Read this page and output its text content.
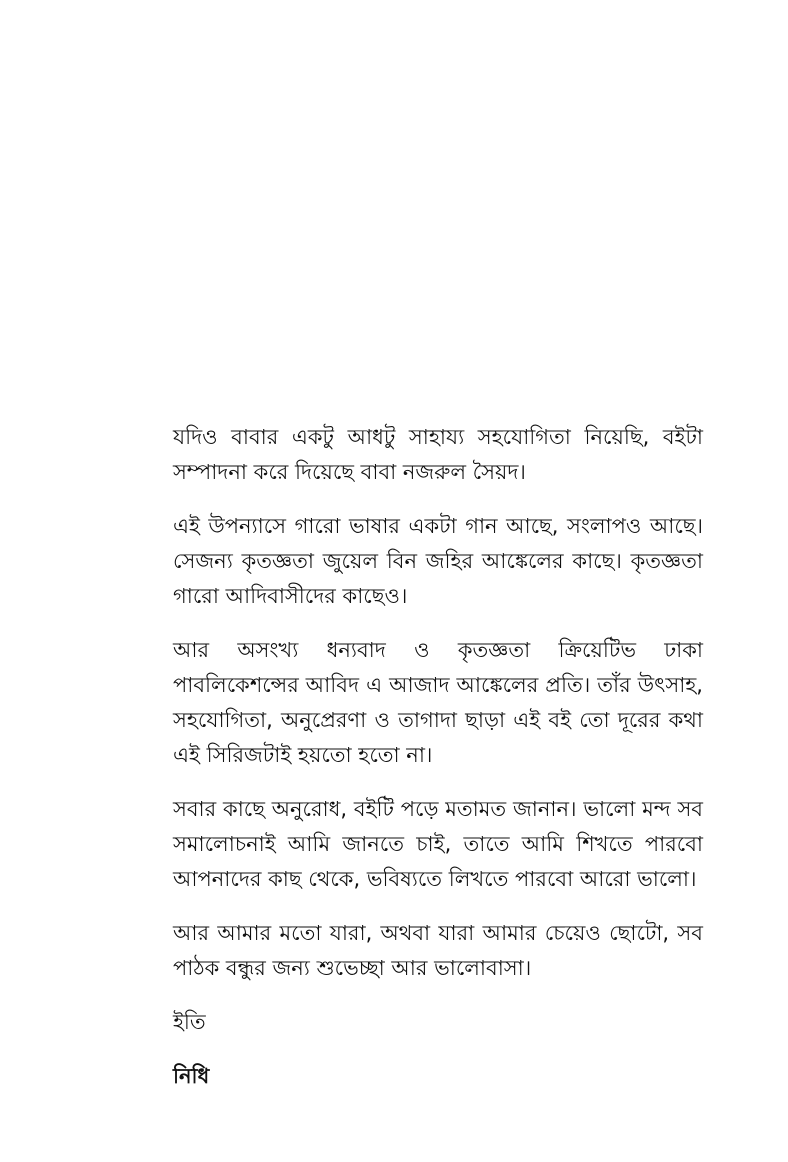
যদিও বাবার একটু আধটু সাহায্য সহযোগিতা নিয়েছি, বইটা সম্পাদনা করে দিয়েছে বাবা নজরুল সৈয়দ।

এই উপন্যাসে গারো ভাষার একটা গান আছে, সংলাপও আছে। সেজন্য কৃতজ্ঞতা জুয়েল বিন জহির আঙ্কেলের কাছে। কৃতজ্ঞতা গারো আদিবাসীদের কাছেও।

আর অসংখ্য ধন্যবাদ ও কৃতজ্ঞতা ক্রিয়েটিভ ঢাকা পাবলিকেশন্সের আবিদ এ আজাদ আঙ্কেলের প্রতি। তাঁর উৎসাহ, সহযোগিতা, অনুপ্রেরণা ও তাগাদা ছাড়া এই বই তো দূরের কথা এই সিরিজটাই হয়তো হতো না।

সবার কাছে অনুরোধ, বইটি পড়ে মতামত জানান। ভালো মন্দ সব সমালোচনাই আমি জানতে চাই, তাতে আমি শিখতে পারবো আপনাদের কাছ থেকে, ভবিষ্যতে লিখতে পারবো আরো ভালো।

আর আমার মতো যারা, অথবা যারা আমার চেয়েও ছোটো, সব পাঠক বন্ধুর জন্য শুভেচ্ছা আর ভালোবাসা।

ইতি

নিধি
